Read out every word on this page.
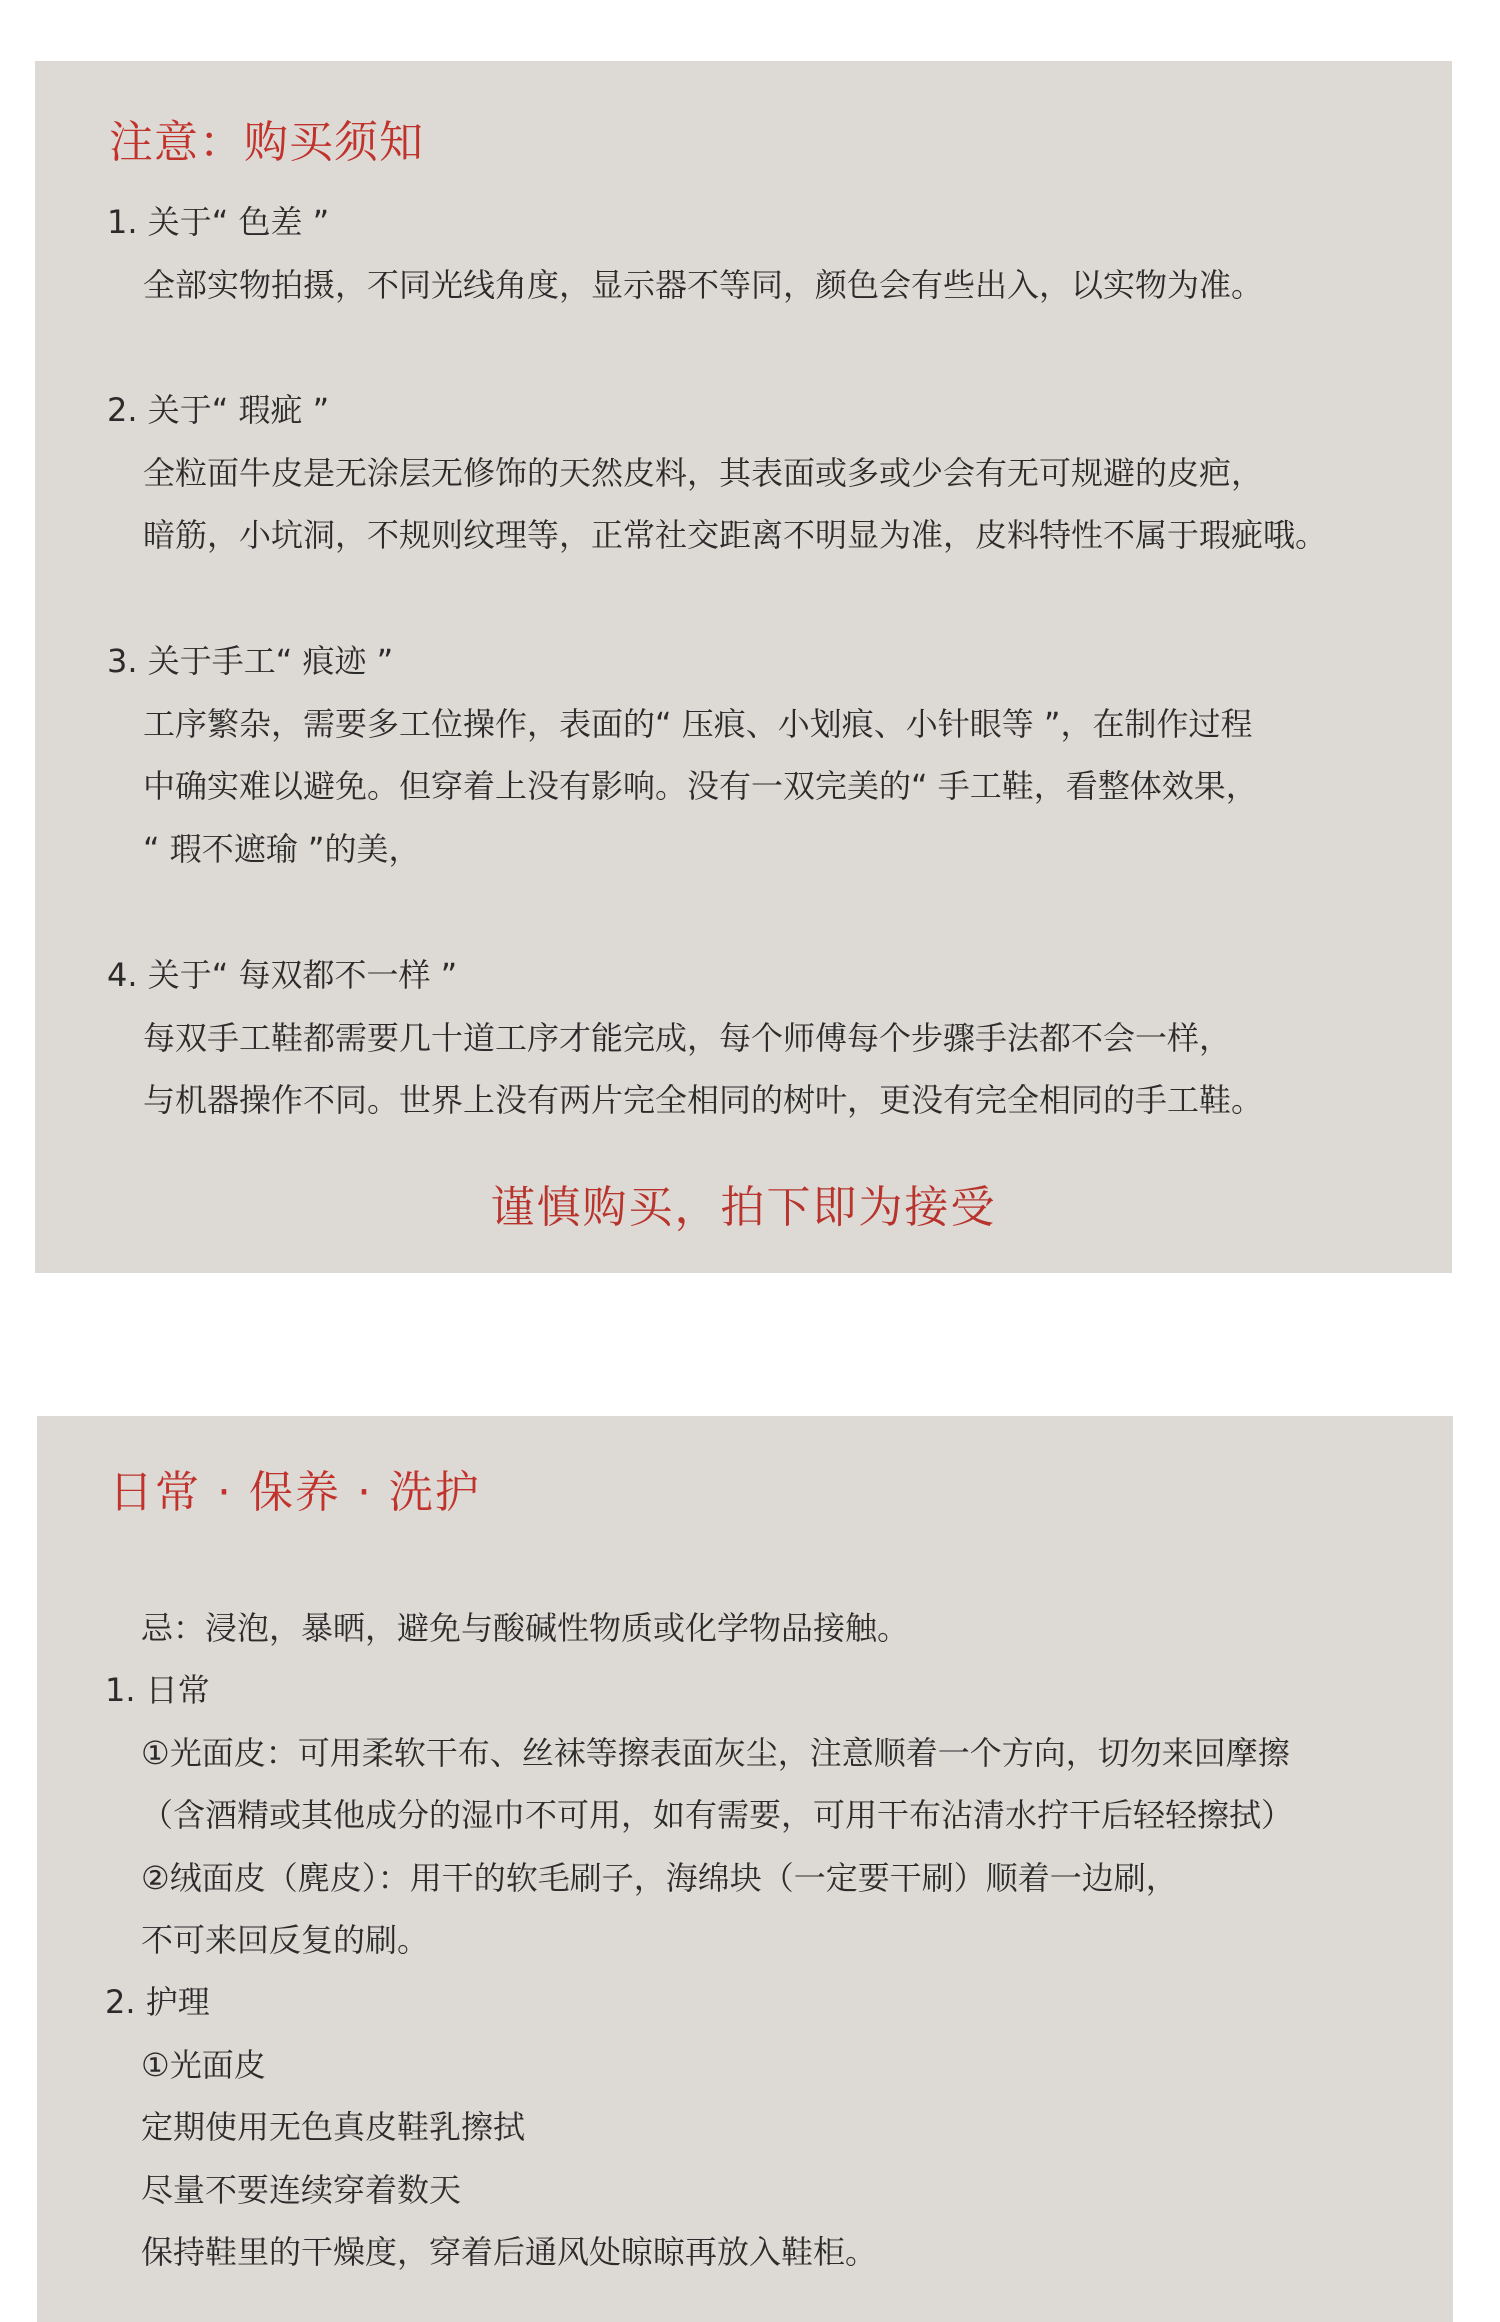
注意：购买须知
1. 关于“ 色差 ”
全部实物拍摄，不同光线角度，显示器不等同，颜色会有些出入，以实物为准。
2. 关于“ 瑕疵 ”
全粒面牛皮是无涂层无修饰的天然皮料，其表面或多或少会有无可规避的皮疤，
暗筋，小坑洞，不规则纹理等，正常社交距离不明显为准，皮料特性不属于瑕疵哦。
3. 关于手工“ 痕迹 ”
工序繁杂，需要多工位操作，表面的“ 压痕、小划痕、小针眼等 ”，在制作过程
中确实难以避免。但穿着上没有影响。没有一双完美的“ 手工鞋，看整体效果，
“ 瑕不遮瑜 ”的美，
4. 关于“ 每双都不一样 ”
每双手工鞋都需要几十道工序才能完成，每个师傅每个步骤手法都不会一样，
与机器操作不同。世界上没有两片完全相同的树叶，更没有完全相同的手工鞋。
谨慎购买，拍下即为接受
日常 · 保养 · 洗护
忌：浸泡，暴晒，避免与酸碱性物质或化学物品接触。
1. 日常
①光面皮：可用柔软干布、丝袜等擦表面灰尘，注意顺着一个方向，切勿来回摩擦
（含酒精或其他成分的湿巾不可用，如有需要，可用干布沾清水拧干后轻轻擦拭）
②绒面皮（麂皮）：用干的软毛刷子，海绵块（一定要干刷）顺着一边刷，
不可来回反复的刷。
2. 护理
①光面皮
定期使用无色真皮鞋乳擦拭
尽量不要连续穿着数天
保持鞋里的干燥度，穿着后通风处晾晾再放入鞋柜。
